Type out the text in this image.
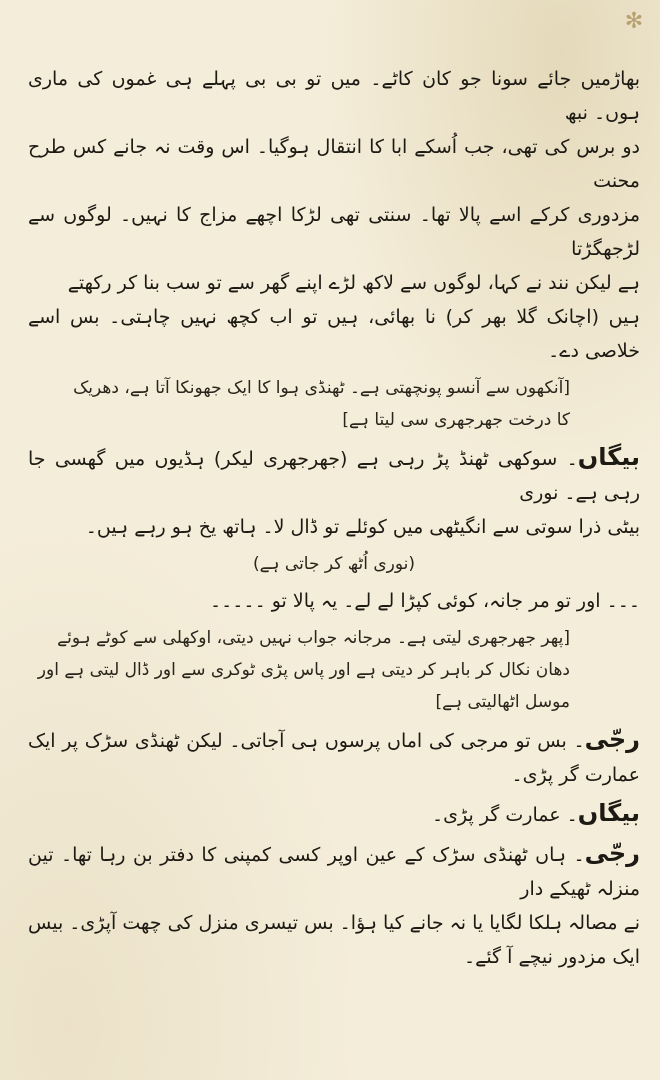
✻

بھاڑمیں جائے سونا جو کان کاٹے۔ میں تو بی بی پہلے ہی غموں کی ماری ہوں۔ نبھ
دو برس کی تھی، جب اُسکے ابا کا انتقال ہوگیا۔ اس وقت نہ جانے کس طرح محنت
مزدوری کرکے اسے پالا تھا۔ سنتی تھی لڑکا اچھے مزاج کا نہیں۔ لوگوں سے لڑجھگڑتا
ہے لیکن نند نے کہا، لوگوں سے لاکھ لڑے اپنے گھر سے تو سب بنا کر رکھتے
ہیں (اچانک گلا بھر کر) نا بھائی، ہیں تو اب کچھ نہیں چاہتی۔ بس اسے خلاصی دے۔

[آنکھوں سے آنسو پونچھتی ہے۔ ٹھنڈی ہوا کا ایک جھونکا آتا ہے، دھریک
کا درخت جھرجھری سی لیتا ہے]
بیگاں۔ سوکھی ٹھنڈ پڑ رہی ہے (جھرجھری لیکر) ہڈیوں میں گھسی جا رہی ہے۔ نوری
بیٹی ذرا سوتی سے انگیٹھی میں کوئلے تو ڈال لا۔ ہاتھ یخ ہو رہے ہیں۔
(نوری اُٹھ کر جاتی ہے)
۔۔۔ اور تو مر جانہ، کوئی کپڑا لے لے۔ یہ پالا تو ۔۔۔۔۔
[پھر جھرجھری لیتی ہے۔ مرجانہ جواب نہیں دیتی، اوکھلی سے کوٹے ہوئے
دھان نکال کر باہر کر دیتی ہے اور پاس پڑی ٹوکری سے اور ڈال لیتی ہے اور
موسل اٹھالیتی ہے]
رجّی۔ بس تو مرجی کی اماں پرسوں ہی آجاتی۔ لیکن ٹھنڈی سڑک پر ایک عمارت گر پڑی۔
بیگاں۔ عمارت گر پڑی۔
رجّی۔ ہاں ٹھنڈی سڑک کے عین اوپر کسی کمپنی کا دفتر بن رہا تھا۔ تین منزلہ ٹھیکے دار
نے مصالہ ہلکا لگایا یا نہ جانے کیا ہؤا۔ بس تیسری منزل کی چھت آپڑی۔ بیس
ایک مزدور نیچے آ گئے۔
